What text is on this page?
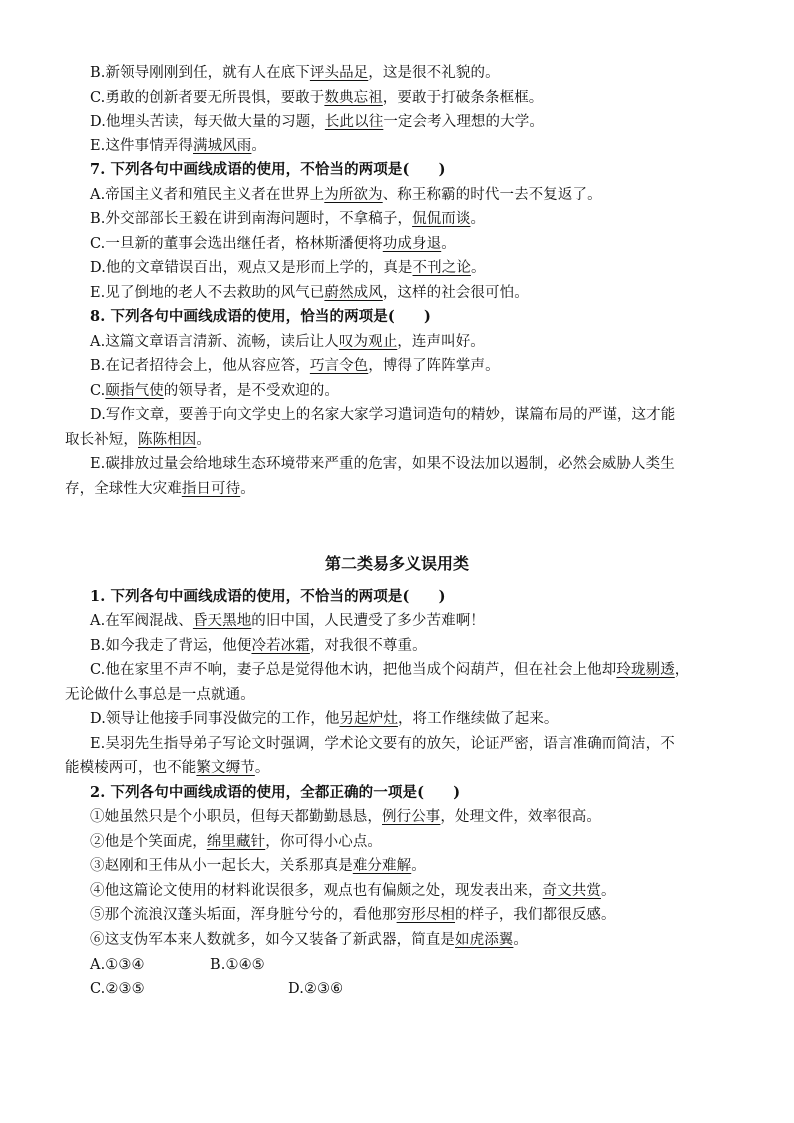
B.新领导刚刚到任，就有人在底下评头品足，这是很不礼貌的。
C.勇敢的创新者要无所畏惧，要敢于数典忘祖，要敢于打破条条框框。
D.他埋头苦读，每天做大量的习题，长此以往一定会考入理想的大学。
E.这件事情弄得满城风雨。
7. 下列各句中画线成语的使用，不恰当的两项是(　　)
A.帝国主义者和殖民主义者在世界上为所欲为、称王称霸的时代一去不复返了。
B.外交部部长王毅在讲到南海问题时，不拿稿子，侃侃而谈。
C.一旦新的董事会选出继任者，格林斯潘便将功成身退。
D.他的文章错误百出，观点又是形而上学的，真是不刊之论。
E.见了倒地的老人不去救助的风气已蔚然成风，这样的社会很可怕。
8. 下列各句中画线成语的使用，恰当的两项是(　　)
A.这篇文章语言清新、流畅，读后让人叹为观止，连声叫好。
B.在记者招待会上，他从容应答，巧言令色，博得了阵阵掌声。
C.颐指气使的领导者，是不受欢迎的。
D.写作文章，要善于向文学史上的名家大家学习遣词造句的精妙，谋篇布局的严谨，这才能
取长补短，陈陈相因。
E.碳排放过量会给地球生态环境带来严重的危害，如果不设法加以遏制，必然会威胁人类生
存，全球性大灾难指日可待。
第二类易多义误用类
1. 下列各句中画线成语的使用，不恰当的两项是(　　)
A.在军阀混战、昏天黑地的旧中国，人民遭受了多少苦难啊！
B.如今我走了背运，他便冷若冰霜，对我很不尊重。
C.他在家里不声不响，妻子总是觉得他木讷，把他当成个闷葫芦，但在社会上他却玲珑剔透，
无论做什么事总是一点就通。
D.领导让他接手同事没做完的工作，他另起炉灶，将工作继续做了起来。
E.吴羽先生指导弟子写论文时强调，学术论文要有的放矢，论证严密，语言准确而简洁，不
能模棱两可，也不能繁文缛节。
2. 下列各句中画线成语的使用，全都正确的一项是(　　)
①她虽然只是个小职员，但每天都勤勤恳恳，例行公事，处理文件，效率很高。
②他是个笑面虎，绵里藏针，你可得小心点。
③赵刚和王伟从小一起长大，关系那真是难分难解。
④他这篇论文使用的材料讹误很多，观点也有偏颇之处，现发表出来，奇文共赏。
⑤那个流浪汉蓬头垢面，浑身脏兮兮的，看他那穷形尽相的样子，我们都很反感。
⑥这支伪军本来人数就多，如今又装备了新武器，简直是如虎添翼。
A.①③④	B.①④⑤
C.②③⑤	D.②③⑥
